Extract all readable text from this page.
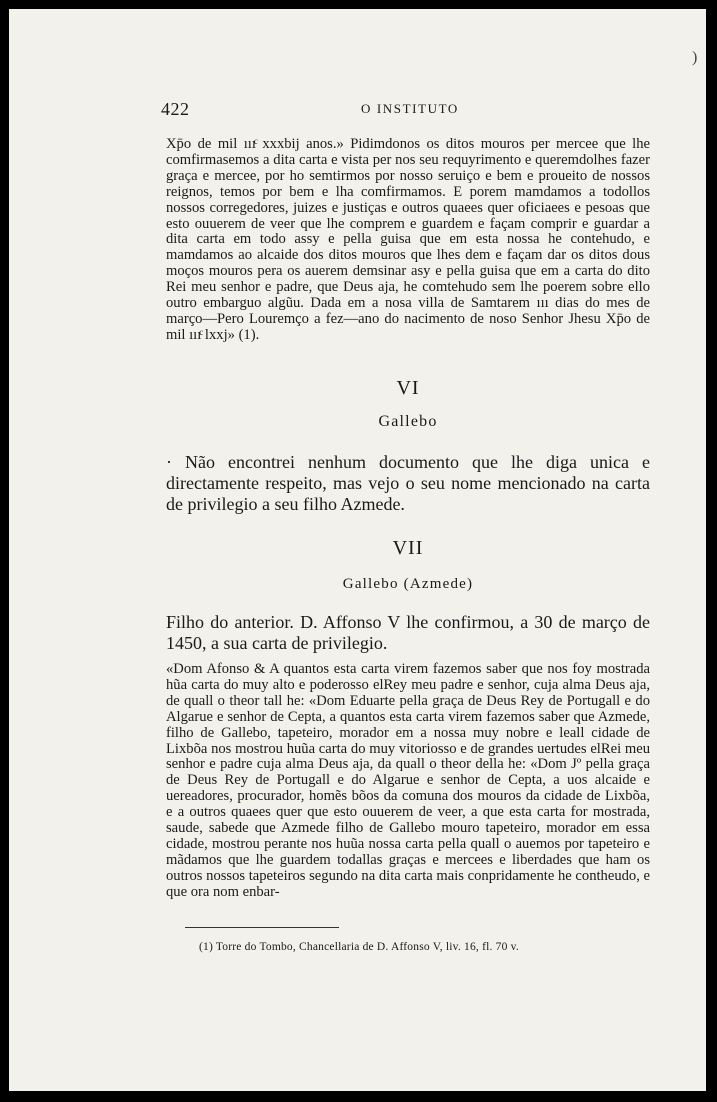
422	O INSTITUTO

Xp̄o de mil ııı͏ͨ xxxbij anos.» Pidimdonos os ditos mouros per mercee que lhe comfirmasemos a dita carta e vista per nos seu requyrimento e queremdolhes fazer graça e mercee, por ho semtirmos por nosso seruiço e bem e proueito de nossos reignos, temos por bem e lha comfirmamos. E porem mamdamos a todollos nossos corregedores, juizes e justiças e outros quaees quer oficiaees e pesoas que esto ouuerem de veer que lhe comprem e guardem e façam comprir e guardar a dita carta em todo assy e pella guisa que em esta nossa he contehudo, e mamdamos ao alcaide dos ditos mouros que lhes dem e façam dar os ditos dous moços mouros pera os auerem demsinar asy e pella guisa que em a carta do dito Rei meu senhor e padre, que Deus aja, he comtehudo sem lhe poerem sobre ello outro embarguo algũu. Dada em a nosa villa de Samtarem ııı dias do mes de março—Pero Louremço a fez—ano do nacimento de noso Senhor Jhesu Xp̄o de mil ııı͏ͨ lxxj» (1).

VI
Gallebo

· Não encontrei nenhum documento que lhe diga unica e directamente respeito, mas vejo o seu nome mencionado na carta de privilegio a seu filho Azmede.

VII
Gallebo (Azmede)

Filho do anterior. D. Affonso V lhe confirmou, a 30 de março de 1450, a sua carta de privilegio.

«Dom Afonso & A quantos esta carta virem fazemos saber que nos foy mostrada hũa carta do muy alto e poderosso elRey meu padre e senhor, cuja alma Deus aja, de quall o theor tall he: «Dom Eduarte pella graça de Deus Rey de Portugall e do Algarue e senhor de Cepta, a quantos esta carta virem fazemos saber que Azmede, filho de Gallebo, tapeteiro, morador em a nossa muy nobre e leall cidade de Lixbõa nos mostrou huũa carta do muy vitoriosso e de grandes uertudes elRei meu senhor e padre cuja alma Deus aja, da quall o theor della he: «Dom Jº pella graça de Deus Rey de Portugall e do Algarue e senhor de Cepta, a uos alcaide e uereadores, procurador, homẽs bõos da comuna dos mouros da cidade de Lixbõa, e a outros quaees quer que esto ouuerem de veer, a que esta carta for mostrada, saude, sabede que Azmede filho de Gallebo mouro tapeteiro, morador em essa cidade, mostrou perante nos huũa nossa carta pella quall o auemos por tapeteiro e mãdamos que lhe guardem todallas graças e mercees e liberdades que ham os outros nossos tapeteiros segundo na dita carta mais conpridamente he contheudo, e que ora nom enbar-

(1) Torre do Tombo, Chancellaria de D. Affonso V, liv. 16, fl. 70 v.
)
